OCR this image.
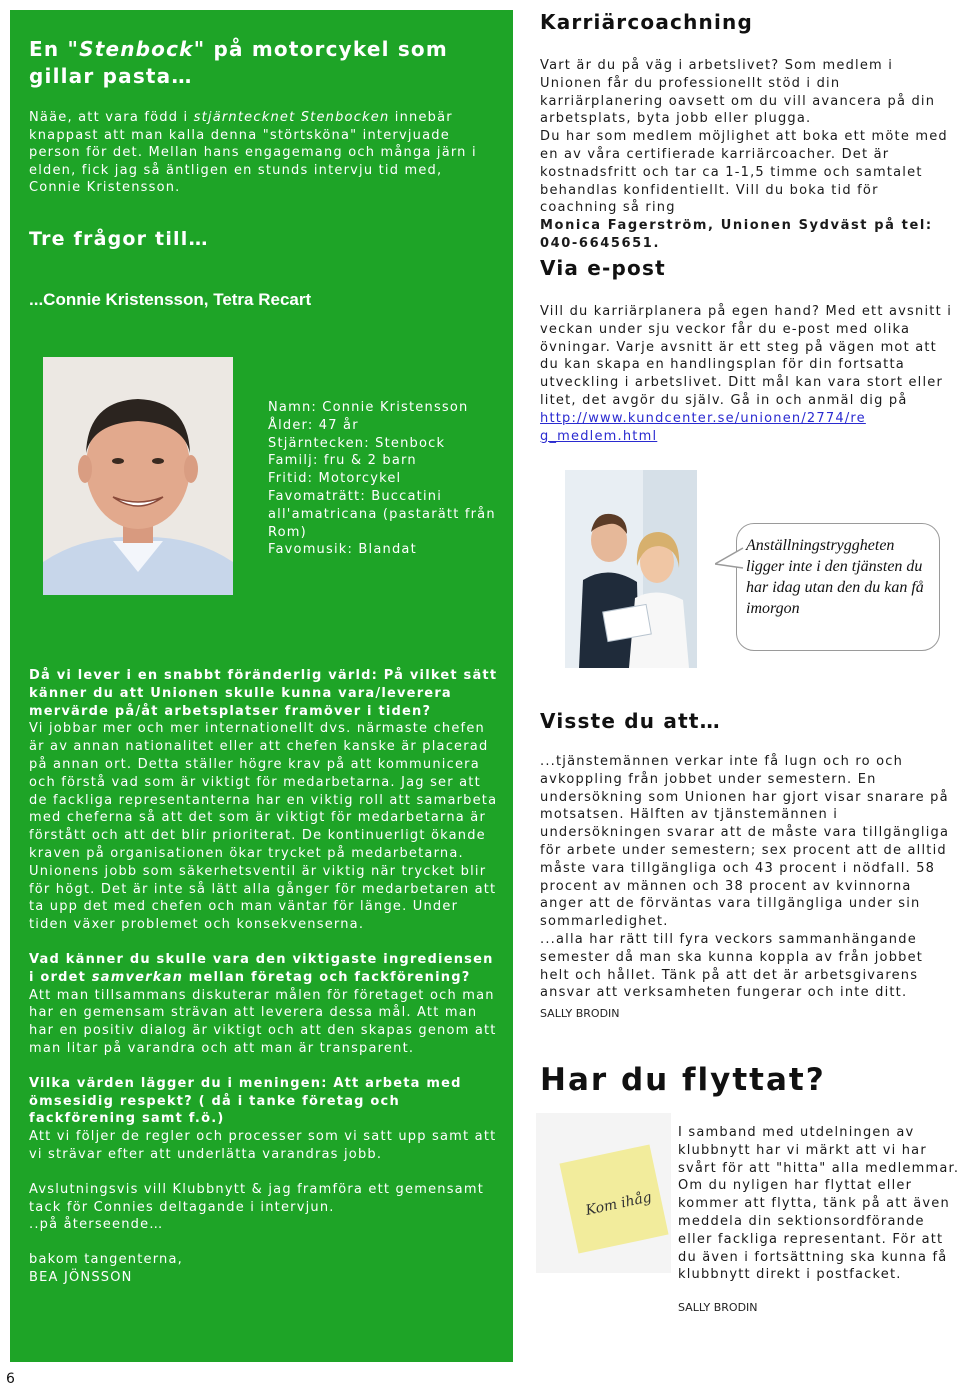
En "Stenbock" på motorcykel som gillar pasta…
Nääe, att vara född i stjärntecknet Stenbocken innebär knappast att man kalla denna "störtsköna" intervjuade person för det. Mellan hans engagemang och många järn i elden, fick jag så äntligen en stunds intervju tid med, Connie Kristensson.
Tre frågor till…
...Connie Kristensson, Tetra Recart
Namn: Connie Kristensson
Ålder: 47 år
Stjärntecken: Stenbock
Familj: fru & 2 barn
Fritid: Motorcykel
Favomaträtt: Buccatini all'amatricana (pastarätt från Rom)
Favomusik: Blandat

Då vi lever i en snabbt föränderlig värld: På vilket sätt känner du att Unionen skulle kunna vara/leverera mervärde på/åt arbetsplatser framöver i tiden?
Vi jobbar mer och mer internationellt dvs. närmaste chefen är av annan nationalitet eller att chefen kanske är placerad på annan ort. Detta ställer högre krav på att kommunicera och förstå vad som är viktigt för medarbetarna. Jag ser att de fackliga representanterna har en viktig roll att samarbeta med cheferna så att det som är viktigt för medarbetarna är förstått och att det blir prioriterat. De kontinuerligt ökande kraven på organisationen ökar trycket på medarbetarna. Unionens jobb som säkerhetsventil är viktig när trycket blir för högt. Det är inte så lätt alla gånger för medarbetaren att ta upp det med chefen och man väntar för länge. Under tiden växer problemet och konsekvenserna.

Vad känner du skulle vara den viktigaste ingrediensen i ordet samverkan mellan företag och fackförening?
Att man tillsammans diskuterar målen för företaget och man har en gemensam strävan att leverera dessa mål. Att man har en positiv dialog är viktigt och att den skapas genom att man litar på varandra och att man är transparent.

Vilka värden lägger du i meningen: Att arbeta med ömsesidig respekt? ( då i tanke företag och fackförening samt f.ö.)
Att vi följer de regler och processer som vi satt upp samt att vi strävar efter att underlätta varandras jobb.

Avslutningsvis vill Klubbnytt & jag framföra ett gemensamt tack för Connies deltagande i intervjun.
..på återseende…

bakom tangenterna,
BEA JÖNSSON

Karriärcoachning
Vart är du på väg i arbetslivet? Som medlem i Unionen får du professionellt stöd i din karriärplanering oavsett om du vill avancera på din arbetsplats, byta jobb eller plugga.
Du har som medlem möjlighet att boka ett möte med en av våra certifierade karriärcoacher. Det är kostnadsfritt och tar ca 1-1,5 timme och samtalet behandlas konfidentiellt. Vill du boka tid för coachning så ring
Monica Fagerström, Unionen Sydväst på tel: 040-6645651.
Via e-post
Vill du karriärplanera på egen hand? Med ett avsnitt i veckan under sju veckor får du e-post med olika övningar. Varje avsnitt är ett steg på vägen mot att du kan skapa en handlingsplan för din fortsatta utveckling i arbetslivet. Ditt mål kan vara stort eller litet, det avgör du själv. Gå in och anmäl dig på
http://www.kundcenter.se/unionen/2774/reg_medlem.html
Anställningstryggheten ligger inte i den tjänsten du har idag utan den du kan få imorgon
Visste du att…
...tjänstemännen verkar inte få lugn och ro och avkoppling från jobbet under semestern. En undersökning som Unionen har gjort visar snarare på motsatsen. Hälften av tjänstemännen i undersökningen svarar att de måste vara tillgängliga för arbete under semestern; sex procent att de alltid måste vara tillgängliga och 43 procent i nödfall. 58 procent av männen och 38 procent av kvinnorna anger att de förväntas vara tillgängliga under sin sommarledighet.
...alla har rätt till fyra veckors sammanhängande semester då man ska kunna koppla av från jobbet helt och hållet. Tänk på att det är arbetsgivarens ansvar att verksamheten fungerar och inte ditt.
SALLY BRODIN
Har du flyttat?
Kom ihåg
I samband med utdelningen av klubbnytt har vi märkt att vi har svårt för att "hitta" alla medlemmar. Om du nyligen har flyttat eller kommer att flytta, tänk på att även meddela din sektionsordförande eller fackliga representant. För att du även i fortsättning ska kunna få klubbnytt direkt i postfacket.
SALLY BRODIN
6
